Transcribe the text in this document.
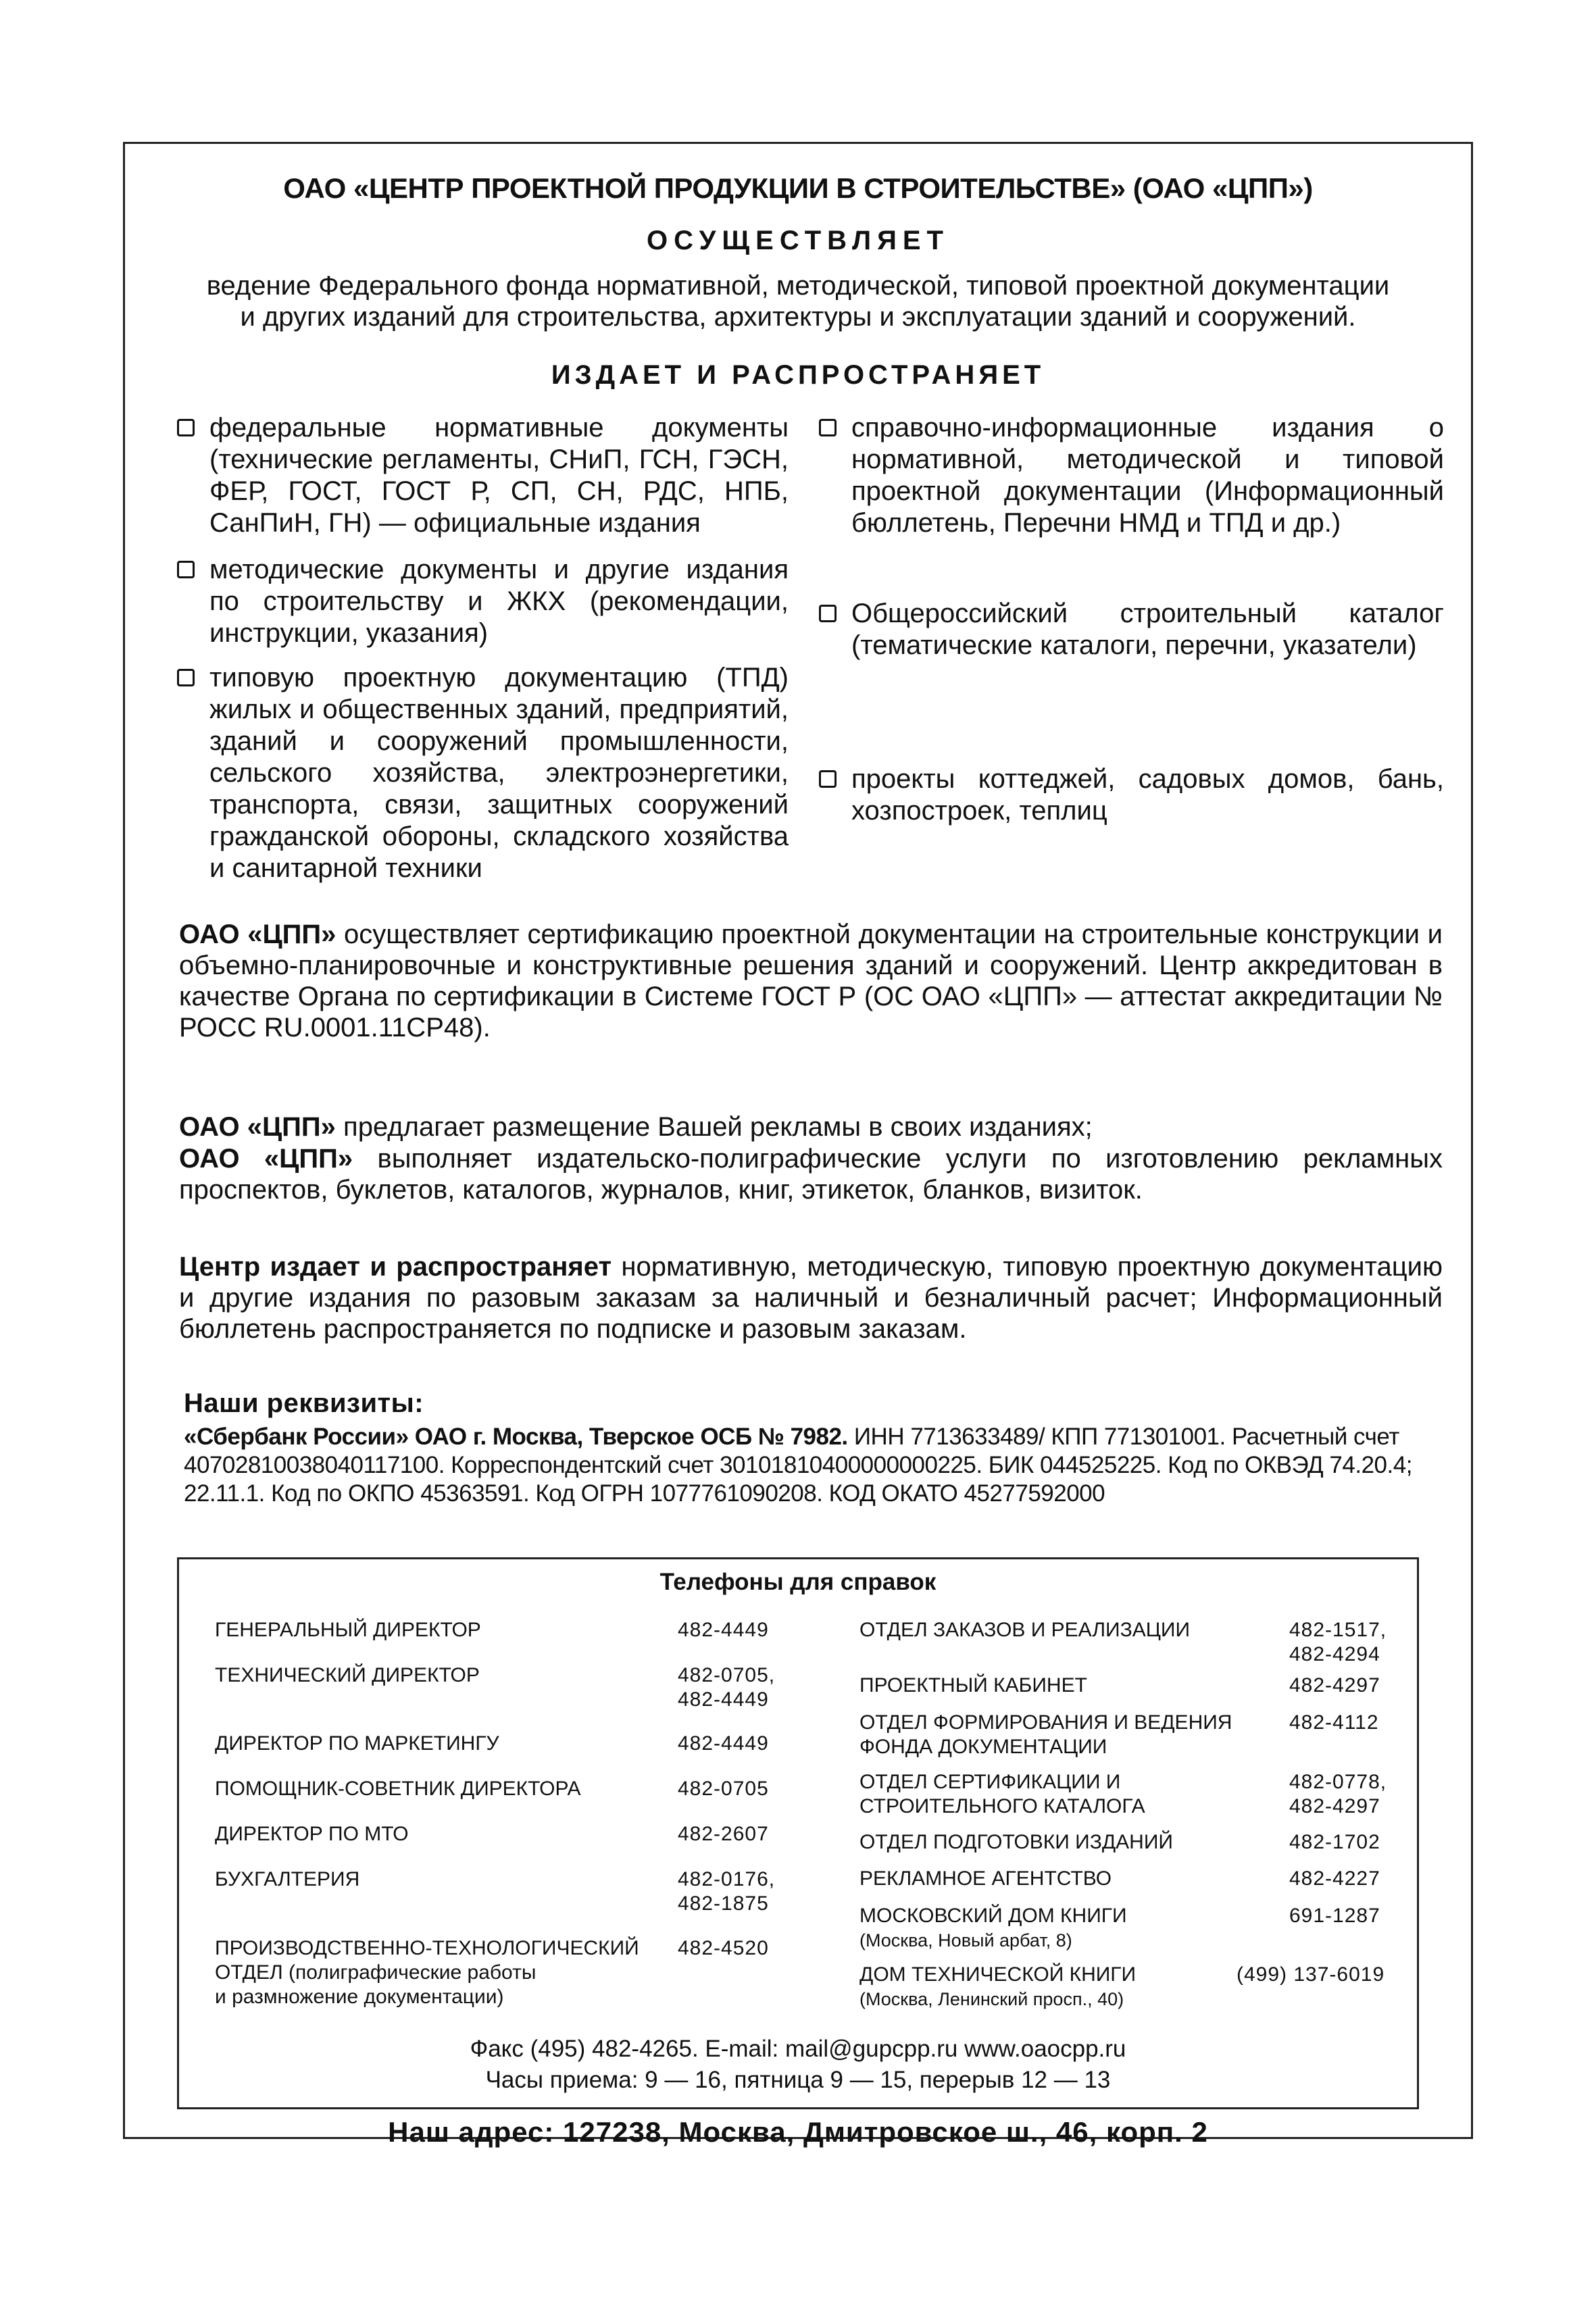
ОАО «ЦЕНТР ПРОЕКТНОЙ ПРОДУКЦИИ В СТРОИТЕЛЬСТВЕ» (ОАО «ЦПП»)
ОСУЩЕСТВЛЯЕТ
ведение Федерального фонда нормативной, методической, типовой проектной документации
и других изданий для строительства, архитектуры и эксплуатации зданий и сооружений.
ИЗДАЕТ И РАСПРОСТРАНЯЕТ
федеральные нормативные документы (технические регламенты, СНиП, ГСН, ГЭСН, ФЕР, ГОСТ, ГОСТ Р, СП, СН, РДС, НПБ, СанПиН, ГН) — официальные издания
методические документы и другие издания по строительству и ЖКХ (рекомендации, инструкции, указания)
типовую проектную документацию (ТПД) жилых и общественных зданий, предприятий, зданий и сооружений промышленности, сельского хозяйства, электроэнергетики, транспорта, связи, защитных сооружений гражданской обороны, складского хозяйства и санитарной техники
справочно-информационные издания о нормативной, методической и типовой проектной документации (Информационный бюллетень, Перечни НМД и ТПД и др.)
Общероссийский строительный каталог (тематические каталоги, перечни, указатели)
проекты коттеджей, садовых домов, бань, хозпостроек, теплиц
ОАО «ЦПП» осуществляет сертификацию проектной документации на строительные конструкции и объемно-планировочные и конструктивные решения зданий и сооружений. Центр аккредитован в качестве Органа по сертификации в Системе ГОСТ Р (ОС ОАО «ЦПП» — аттестат аккредитации № РОСС RU.0001.11СР48).
ОАО «ЦПП» предлагает размещение Вашей рекламы в своих изданиях;
ОАО «ЦПП» выполняет издательско-полиграфические услуги по изготовлению рекламных проспектов, буклетов, каталогов, журналов, книг, этикеток, бланков, визиток.
Центр издает и распространяет нормативную, методическую, типовую проектную документацию и другие издания по разовым заказам за наличный и безналичный расчет; Информационный бюллетень распространяется по подписке и разовым заказам.
Наши реквизиты:
«Сбербанк России» ОАО г. Москва, Тверское ОСБ № 7982. ИНН 7713633489/ КПП 771301001. Расчетный счет 40702810038040117100. Корреспондентский счет 30101810400000000225. БИК 044525225. Код по ОКВЭД 74.20.4; 22.11.1. Код по ОКПО 45363591. Код ОГРН 1077761090208. КОД ОКАТО 45277592000
Телефоны для справок
ГЕНЕРАЛЬНЫЙ ДИРЕКТОР	482-4449
ТЕХНИЧЕСКИЙ ДИРЕКТОР	482-0705,
482-4449
ДИРЕКТОР ПО МАРКЕТИНГУ	482-4449
ПОМОЩНИК-СОВЕТНИК ДИРЕКТОРА	482-0705
ДИРЕКТОР ПО МТО	482-2607
БУХГАЛТЕРИЯ	482-0176,
482-1875
ПРОИЗВОДСТВЕННО-ТЕХНОЛОГИЧЕСКИЙ
ОТДЕЛ (полиграфические работы
и размножение документации)
482-4520
ОТДЕЛ ЗАКАЗОВ И РЕАЛИЗАЦИИ	482-1517,
482-4294
ПРОЕКТНЫЙ КАБИНЕТ	482-4297
ОТДЕЛ ФОРМИРОВАНИЯ И ВЕДЕНИЯ
ФОНДА ДОКУМЕНТАЦИИ
482-4112
ОТДЕЛ СЕРТИФИКАЦИИ И
СТРОИТЕЛЬНОГО КАТАЛОГА
482-0778,
482-4297
ОТДЕЛ ПОДГОТОВКИ ИЗДАНИЙ	482-1702
РЕКЛАМНОЕ АГЕНТСТВО	482-4227
МОСКОВСКИЙ ДОМ КНИГИ
(Москва, Новый арбат, 8)
691-1287
ДОМ ТЕХНИЧЕСКОЙ КНИГИ
(Москва, Ленинский просп., 40)
(499) 137-6019
Факс (495) 482-4265. E-mail: mail@gupcpp.ru www.oaocpp.ru
Часы приема: 9 — 16, пятница 9 — 15, перерыв 12 — 13
Наш адрес: 127238, Москва, Дмитровское ш., 46, корп. 2
